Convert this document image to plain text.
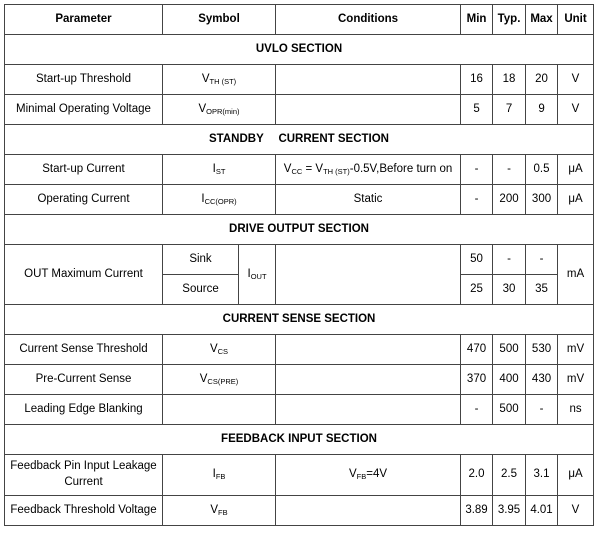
Parameter	Symbol		Conditions	Min	Typ.	Max	Unit
UVLO SECTION							
Start-up Threshold	$V_{TH (ST)}$			16	18	20	V
Minimal Operating Voltage	$V_{OPR(min)}$			5	7	9	V
STANDBY  CURRENT SECTION							
Start-up Current	$I_{ST}$		$V_{CC}$ = $V_{TH (ST)}-0.5V,Before$ turn on	-	-	0.5	μA
Operating Current	$I_{CC(OPR)}$		Static	-	200	300	μA
DRIVE OUTPUT SECTION							
OUT Maximum Current	Sink	$I_{OUT}$		50	-	-	mA
	Source			25	30	35	
CURRENT SENSE SECTION							
Current Sense Threshold	$V_{CS}$			470	500	530	mV
Pre-Current Sense	$V_{CS(PRE)}$			370	400	430	mV
Leading Edge Blanking				-	500	-	ns
FEEDBACK INPUT SECTION							
Feedback Pin Input Leakage Current	$I_{FB}$		$V_{FB}=4V$	2.0	2.5	3.1	μA
Feedback Threshold Voltage	$V_{FB}$			3.89	3.95	4.01	V
